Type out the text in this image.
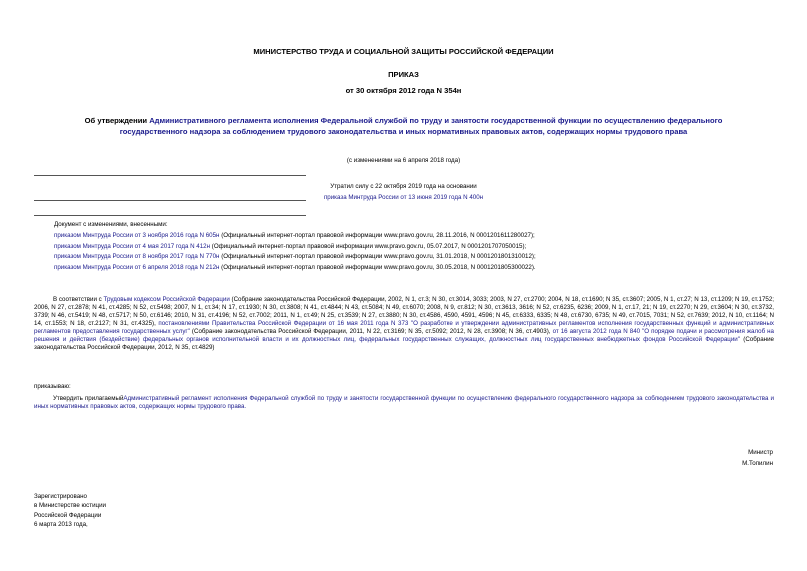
МИНИСТЕРСТВО ТРУДА И СОЦИАЛЬНОЙ ЗАЩИТЫ РОССИЙСКОЙ ФЕДЕРАЦИИ
ПРИКАЗ
от 30 октября 2012 года N 354н
Об утверждении Административного регламента исполнения Федеральной службой по труду и занятости государственной функции по осуществлению федерального государственного надзора за соблюдением трудового законодательства и иных нормативных правовых актов, содержащих нормы трудового права
(с изменениями на 6 апреля 2018 года)
Утратил силу с 22 октября 2019 года на основании
приказа Минтруда России от 13 июня 2019 года N 400н

Документ с изменениями, внесенными:

приказом Минтруда России от 3 ноября 2016 года N 605н (Официальный интернет-портал правовой информации www.pravo.gov.ru, 28.11.2016, N 0001201611280027);

приказом Минтруда России от 4 мая 2017 года N 412н (Официальный интернет-портал правовой информации www.pravo.gov.ru, 05.07.2017, N 0001201707050015);

приказом Минтруда России от 8 ноября 2017 года N 770н (Официальный интернет-портал правовой информации www.pravo.gov.ru, 31.01.2018, N 0001201801310012);

приказом Минтруда России от 6 апреля 2018 года N 212н (Официальный интернет-портал правовой информации www.pravo.gov.ru, 30.05.2018, N 0001201805300022).

В соответствии с Трудовым кодексом Российской Федерации (Собрание законодательства Российской Федерации, 2002, N 1, ст.3; N 30, ст.3014, 3033; 2003, N 27, ст.2700; 2004, N 18, ст.1690; N 35, ст.3607; 2005, N 1, ст.27; N 13, ст.1209; N 19, ст.1752; 2006, N 27, ст.2878; N 41, ст.4285; N 52, ст.5498; 2007, N 1, ст.34; N 17, ст.1930; N 30, ст.3808; N 41, ст.4844; N 43, ст.5084; N 49, ст.6070; 2008, N 9, ст.812; N 30, ст.3613, 3616; N 52, ст.6235, 6236; 2009, N 1, ст.17, 21; N 19, ст.2270; N 29, ст.3604; N 30, ст.3732, 3739; N 46, ст.5419; N 48, ст.5717; N 50, ст.6146; 2010, N 31, ст.4196; N 52, ст.7002; 2011, N 1, ст.49; N 25, ст.3539; N 27, ст.3880; N 30, ст.4586, 4590, 4591, 4596; N 45, ст.6333, 6335; N 48, ст.6730, 6735; N 49, ст.7015, 7031; N 52, ст.7639; 2012, N 10, ст.1164; N 14, ст.1553; N 18, ст.2127; N 31, ст.4325), постановлениями Правительства Российской Федерации от 16 мая 2011 года N 373 "О разработке и утверждении административных регламентов исполнения государственных функций и административных регламентов предоставления государственных услуг" (Собрание законодательства Российской Федерации, 2011, N 22, ст.3169; N 35, ст.5092; 2012, N 28, ст.3908; N 36, ст.4903), от 16 августа 2012 года N 840 "О порядке подачи и рассмотрения жалоб на решения и действия (бездействие) федеральных органов исполнительной власти и их должностных лиц, федеральных государственных служащих, должностных лиц государственных внебюджетных фондов Российской Федерации" (Собрание законодательства Российской Федерации, 2012, N 35, ст.4829)
приказываю:
Утвердить прилагаемыйАдминистративный регламент исполнения Федеральной службой по труду и занятости государственной функции по осуществлению федерального государственного надзора за соблюдением трудового законодательства и иных нормативных правовых актов, содержащих нормы трудового права.
Министр
М.Топилин

Зарегистрировано

в Министерстве юстиции

Российской Федерации

6 марта 2013 года,
